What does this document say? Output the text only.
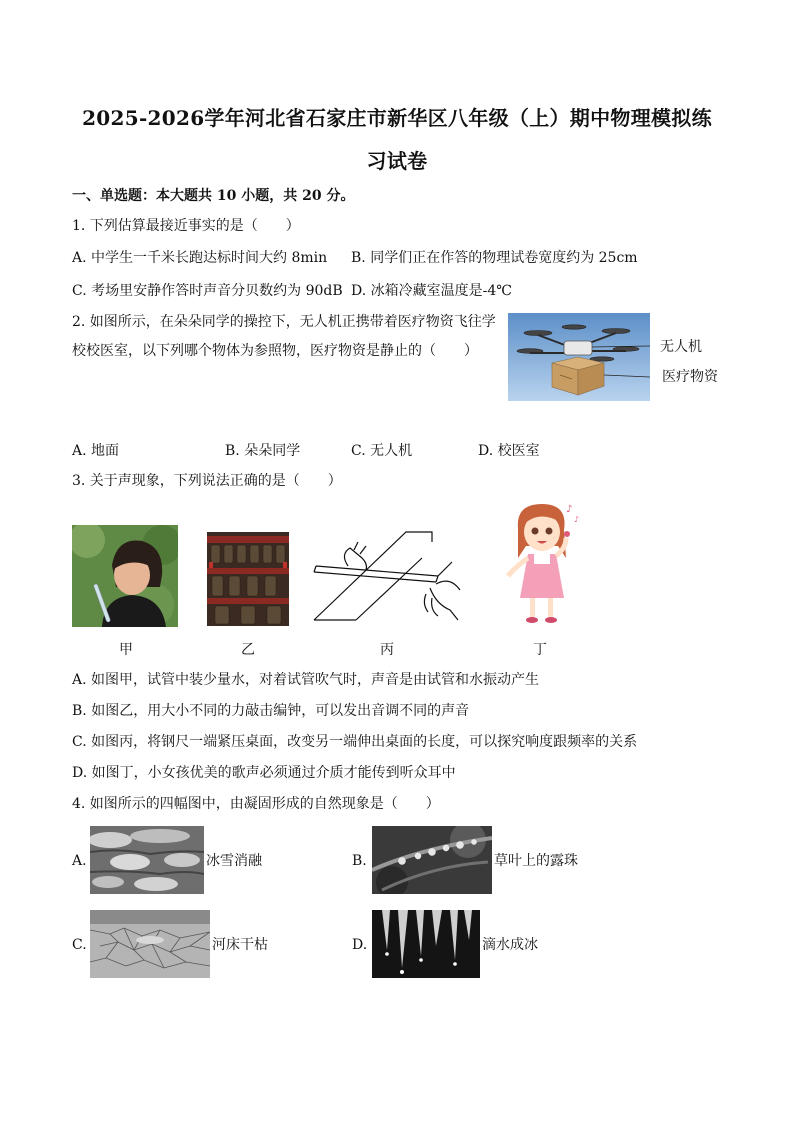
2025-2026学年河北省石家庄市新华区八年级（上）期中物理模拟练
习试卷
一、单选题：本大题共 10 小题，共 20 分。
1. 下列估算最接近事实的是（　　）
A. 中学生一千米长跑达标时间大约 8min B. 同学们正在作答的物理试卷宽度约为 25cm
C. 考场里安静作答时声音分贝数约为 90dB D. 冰箱冷藏室温度是-4℃
2. 如图所示，在朵朵同学的操控下，无人机正携带着医疗物资飞往学
校校医室，以下列哪个物体为参照物，医疗物资是静止的（　　）	无人机
医疗物资
A. 地面	B. 朵朵同学	C. 无人机	D. 校医室
3. 关于声现象，下列说法正确的是（　　）
♪
♪
甲	乙	丙	丁
A. 如图甲，试管中装少量水，对着试管吹气时，声音是由试管和水振动产生
B. 如图乙，用大小不同的力敲击编钟，可以发出音调不同的声音
C. 如图丙，将钢尺一端紧压桌面，改变另一端伸出桌面的长度，可以探究响度跟频率的关系
D. 如图丁，小女孩优美的歌声必须通过介质才能传到听众耳中
4. 如图所示的四幅图中，由凝固形成的自然现象是（　　）
A.	冰雪消融	B.	草叶上的露珠
C.	河床干枯	D.	滴水成冰
